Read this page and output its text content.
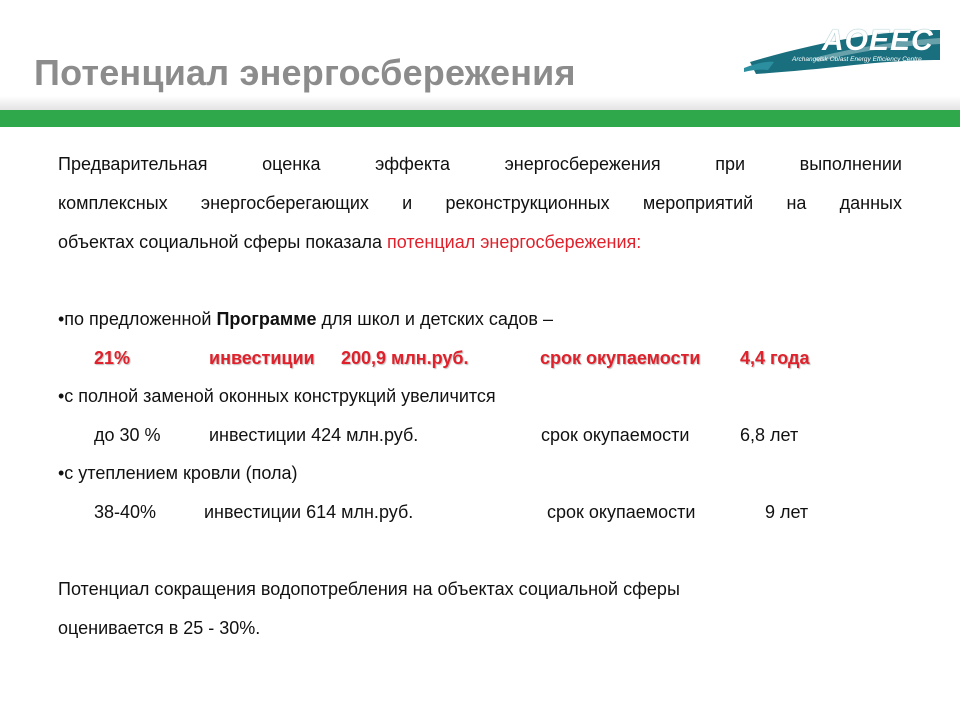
Потенциал энергосбережения
AOEEC
Archangelsk Oblast Energy Efficiency Centre
Предварительная	оценка	эффекта	энергосбережения	при	выполнении
комплексных энергосберегающих и реконструкционных мероприятий на данных
объектах социальной сферы показала потенциал энергосбережения:
•по предложенной Программе для школ и детских садов –
21%	инвестиции 200,9 млн.руб.	срок окупаемости 4,4 года
•с полной заменой оконных конструкций увеличится
до 30 %	инвестиции 424 млн.руб.	срок окупаемости	6,8 лет
•с утеплением кровли (пола)
38-40%	инвестиции 614 млн.руб.	срок окупаемости	9 лет
Потенциал сокращения водопотребления на объектах социальной сферы
оценивается в 25 - 30%.
